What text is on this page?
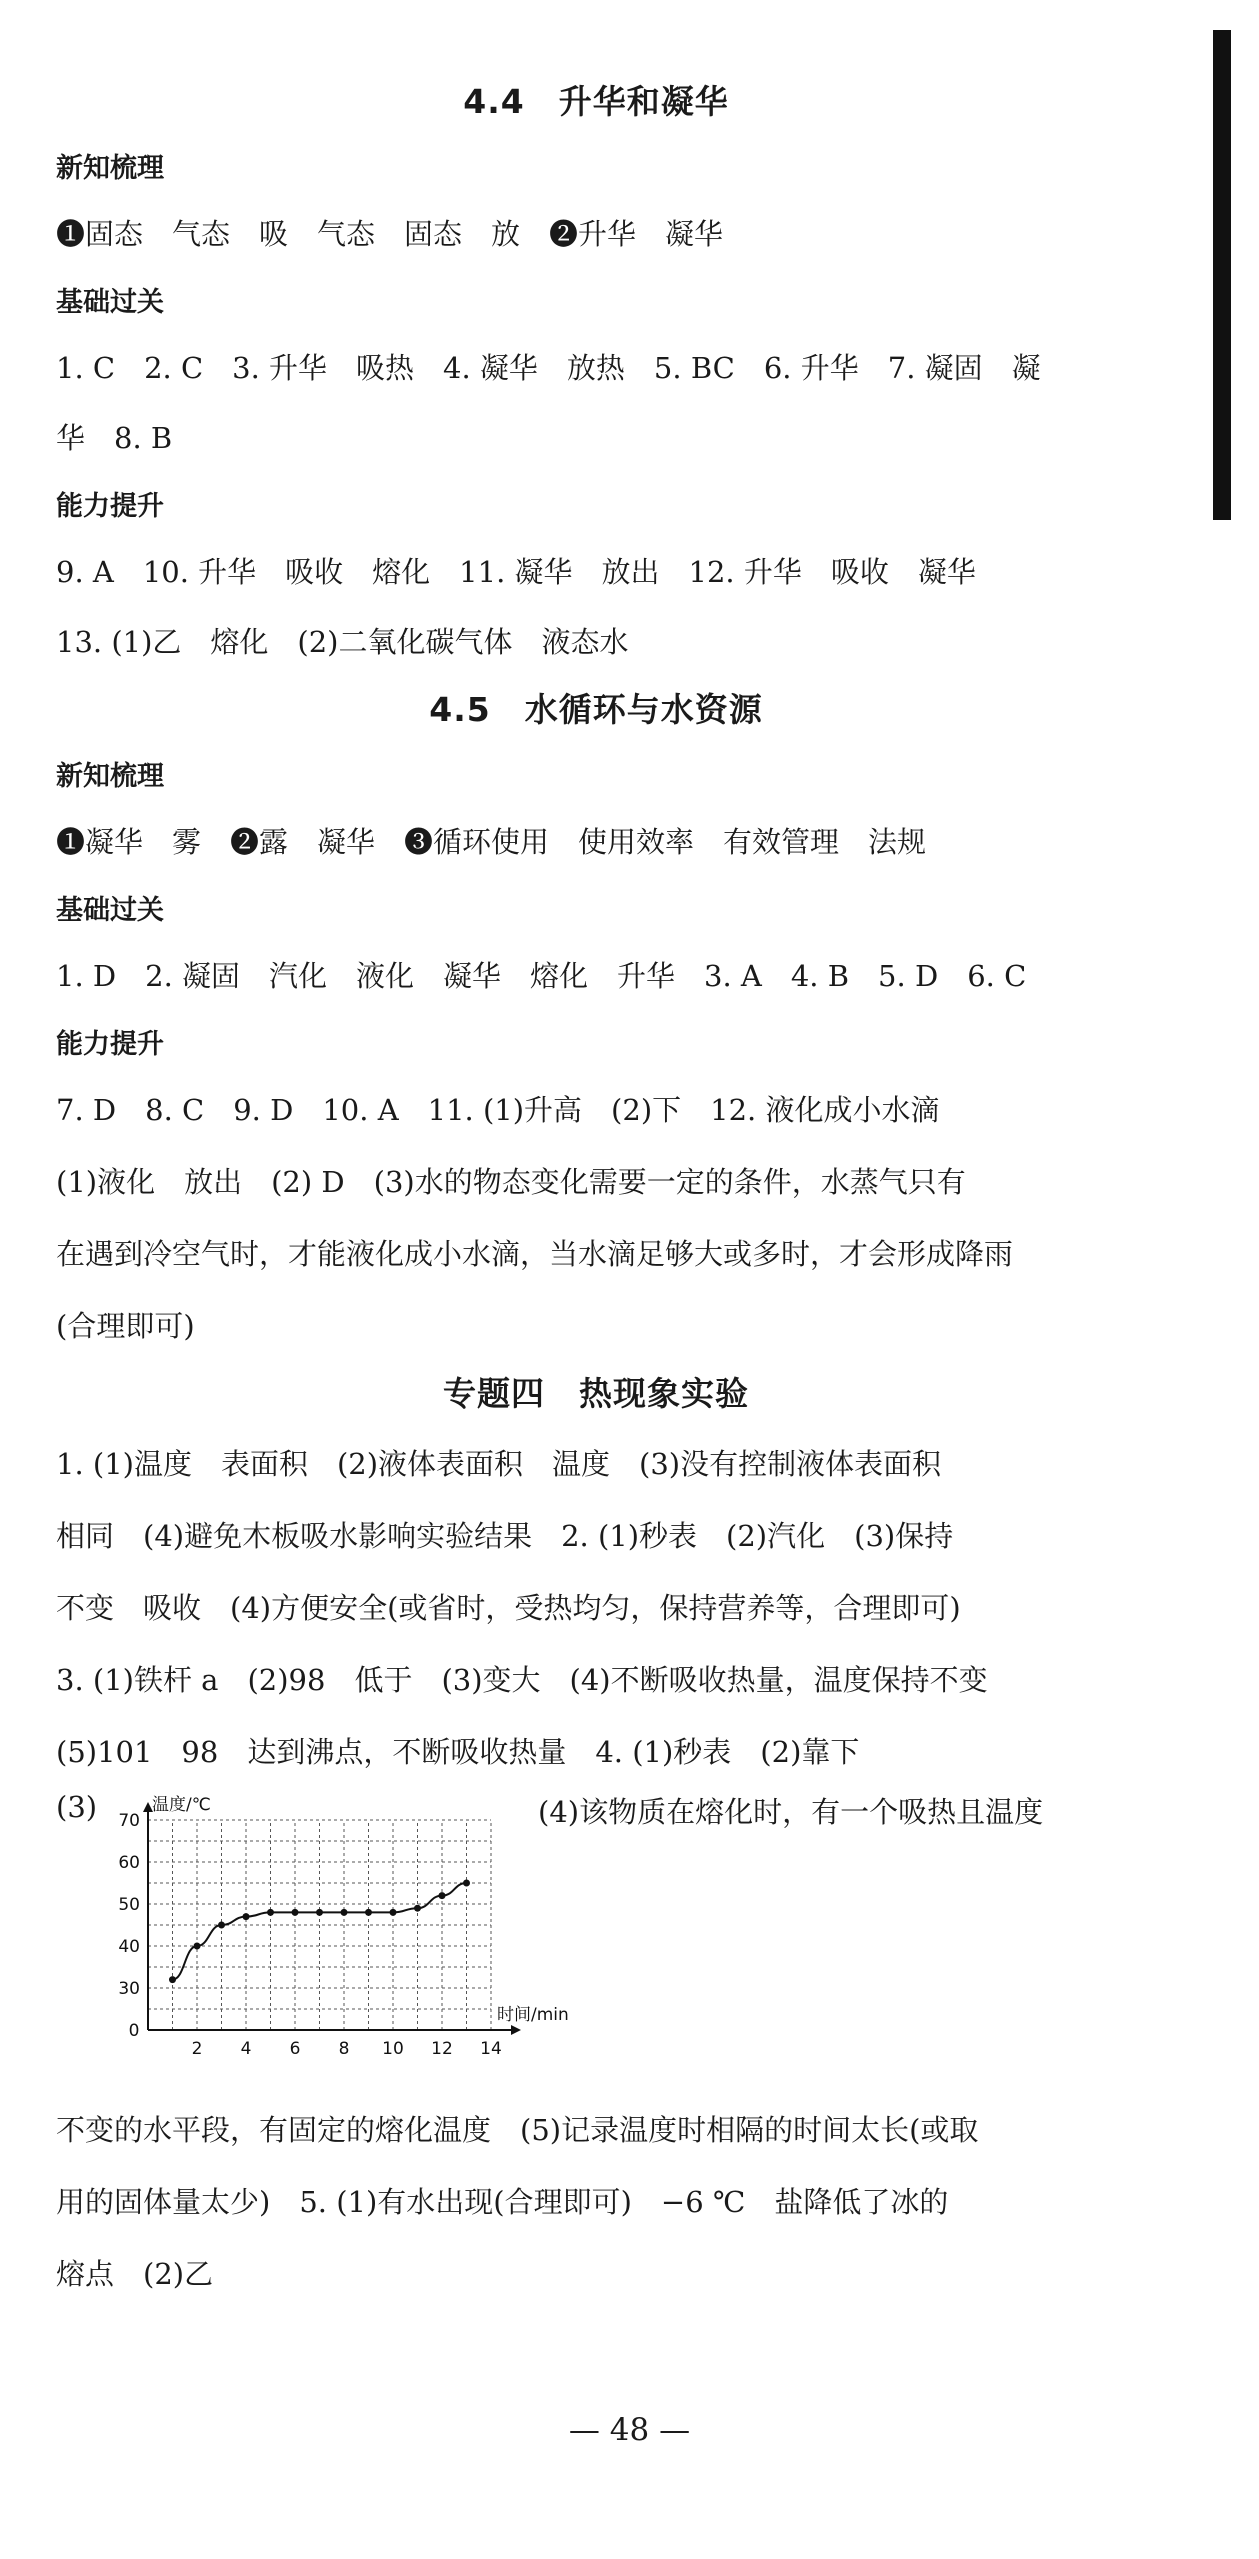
4.4　升华和凝华
新知梳理
❶固态　气态　吸　气态　固态　放　❷升华　凝华
基础过关
1. C　2. C　3. 升华　吸热　4. 凝华　放热　5. BC　6. 升华　7. 凝固　凝
华　8. B
能力提升
9. A　10. 升华　吸收　熔化　11. 凝华　放出　12. 升华　吸收　凝华
13. (1)乙　熔化　(2)二氧化碳气体　液态水
4.5　水循环与水资源
新知梳理
❶凝华　雾　❷露　凝华　❸循环使用　使用效率　有效管理　法规
基础过关
1. D　2. 凝固　汽化　液化　凝华　熔化　升华　3. A　4. B　5. D　6. C
能力提升
7. D　8. C　9. D　10. A　11. (1)升高　(2)下　12. 液化成小水滴
(1)液化　放出　(2) D　(3)水的物态变化需要一定的条件，水蒸气只有
在遇到冷空气时，才能液化成小水滴，当水滴足够大或多时，才会形成降雨
(合理即可)
专题四　热现象实验
1. (1)温度　表面积　(2)液体表面积　温度　(3)没有控制液体表面积
相同　(4)避免木板吸水影响实验结果　2. (1)秒表　(2)汽化　(3)保持
不变　吸收　(4)方便安全(或省时，受热均匀，保持营养等，合理即可)
3. (1)铁杆 a　(2)98　低于　(3)变大　(4)不断吸收热量，温度保持不变
(5)101　98　达到沸点，不断吸收热量　4. (1)秒表　(2)靠下
(3)
0
2 4 6 8 10 12 14
30
40
50
60
70
时间/min
温度/℃	(4)该物质在熔化时，有一个吸热且温度
不变的水平段，有固定的熔化温度　(5)记录温度时相隔的时间太长(或取
用的固体量太少)　5. (1)有水出现(合理即可)　−6 ℃　盐降低了冰的
熔点　(2)乙
— 48 —
